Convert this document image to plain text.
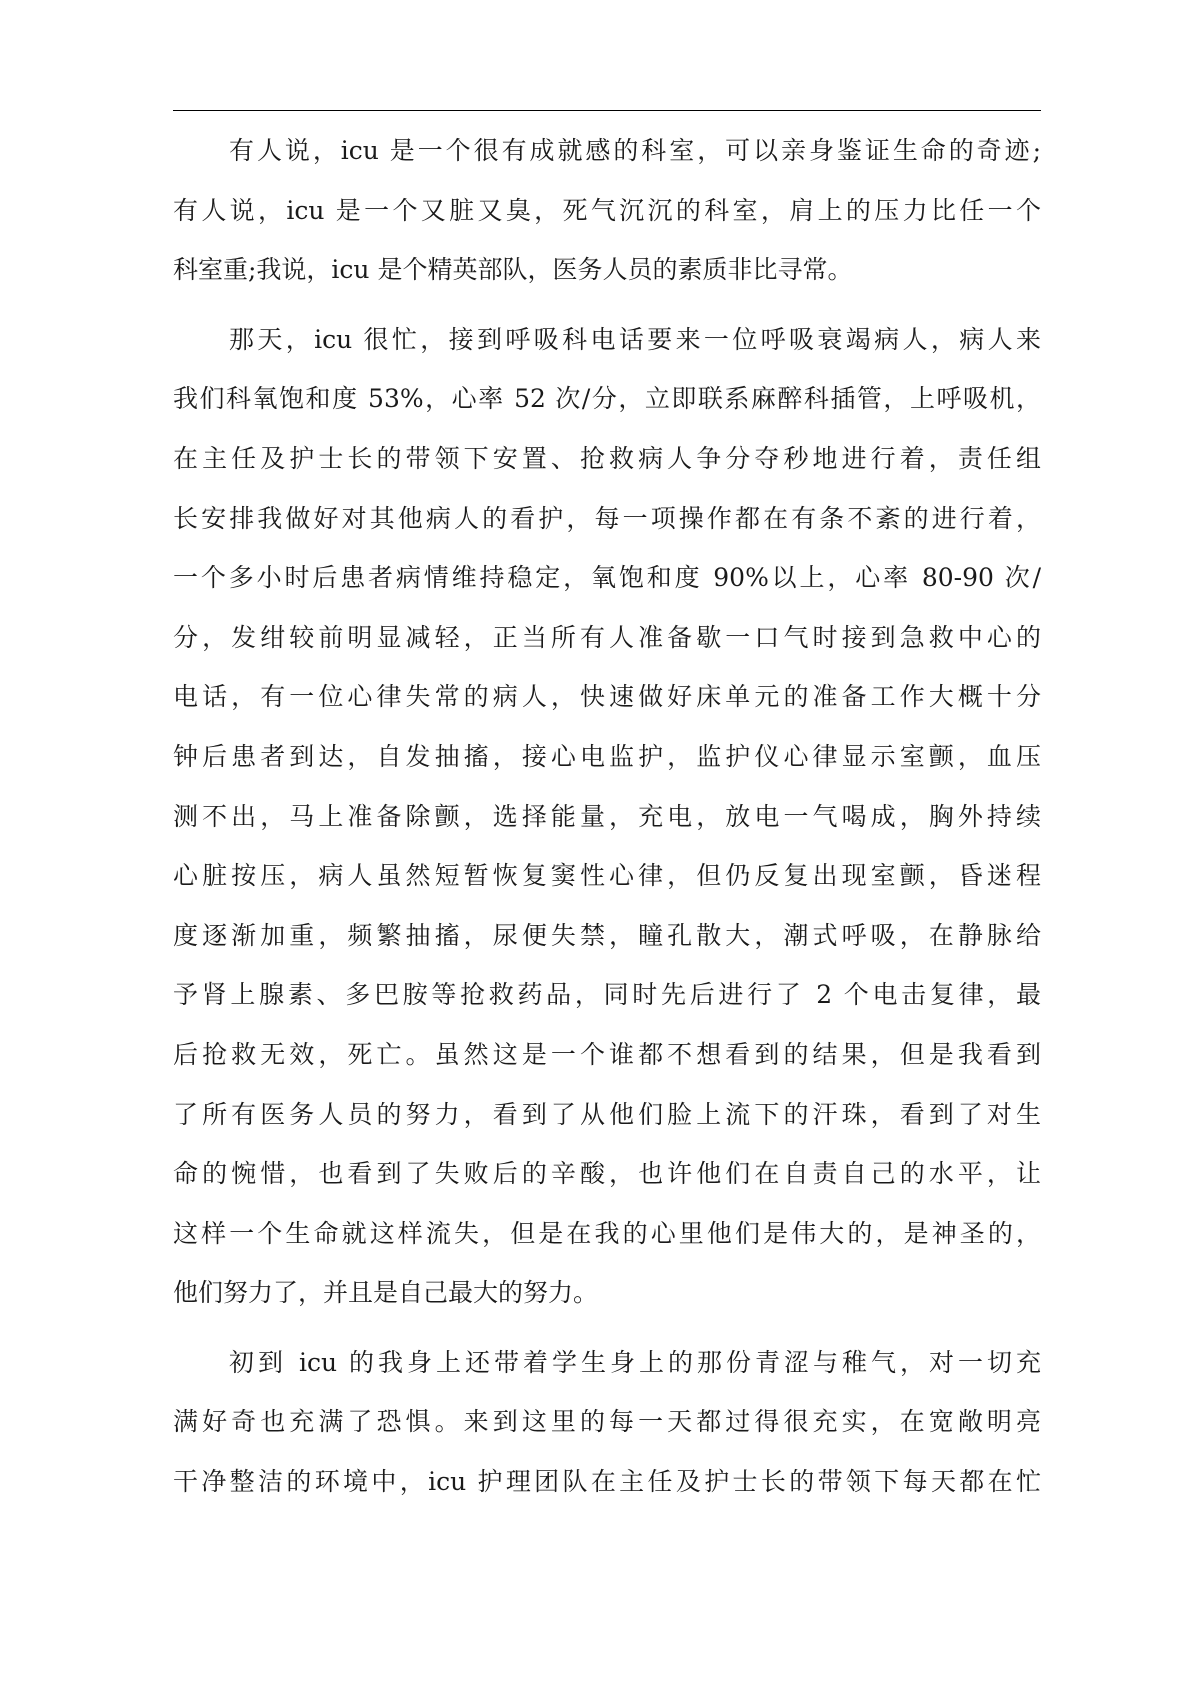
有人说，icu 是一个很有成就感的科室，可以亲身鉴证生命的奇迹;
有人说，icu 是一个又脏又臭，死气沉沉的科室，肩上的压力比任一个
科室重;我说，icu 是个精英部队，医务人员的素质非比寻常。
那天，icu 很忙，接到呼吸科电话要来一位呼吸衰竭病人，病人来
我们科氧饱和度 53%，心率 52 次/分，立即联系麻醉科插管，上呼吸机，
在主任及护士长的带领下安置、抢救病人争分夺秒地进行着，责任组
长安排我做好对其他病人的看护，每一项操作都在有条不紊的进行着，
一个多小时后患者病情维持稳定，氧饱和度 90%以上，心率 80-90 次/
分，发绀较前明显减轻，正当所有人准备歇一口气时接到急救中心的
电话，有一位心律失常的病人，快速做好床单元的准备工作大概十分
钟后患者到达，自发抽搐，接心电监护，监护仪心律显示室颤，血压
测不出，马上准备除颤，选择能量，充电，放电一气喝成，胸外持续
心脏按压，病人虽然短暂恢复窦性心律，但仍反复出现室颤，昏迷程
度逐渐加重，频繁抽搐，尿便失禁，瞳孔散大，潮式呼吸，在静脉给
予肾上腺素、多巴胺等抢救药品，同时先后进行了 2 个电击复律，最
后抢救无效，死亡。虽然这是一个谁都不想看到的结果，但是我看到
了所有医务人员的努力，看到了从他们脸上流下的汗珠，看到了对生
命的惋惜，也看到了失败后的辛酸，也许他们在自责自己的水平，让
这样一个生命就这样流失，但是在我的心里他们是伟大的，是神圣的，
他们努力了，并且是自己最大的努力。
初到 icu 的我身上还带着学生身上的那份青涩与稚气，对一切充
满好奇也充满了恐惧。来到这里的每一天都过得很充实，在宽敞明亮
干净整洁的环境中，icu 护理团队在主任及护士长的带领下每天都在忙
